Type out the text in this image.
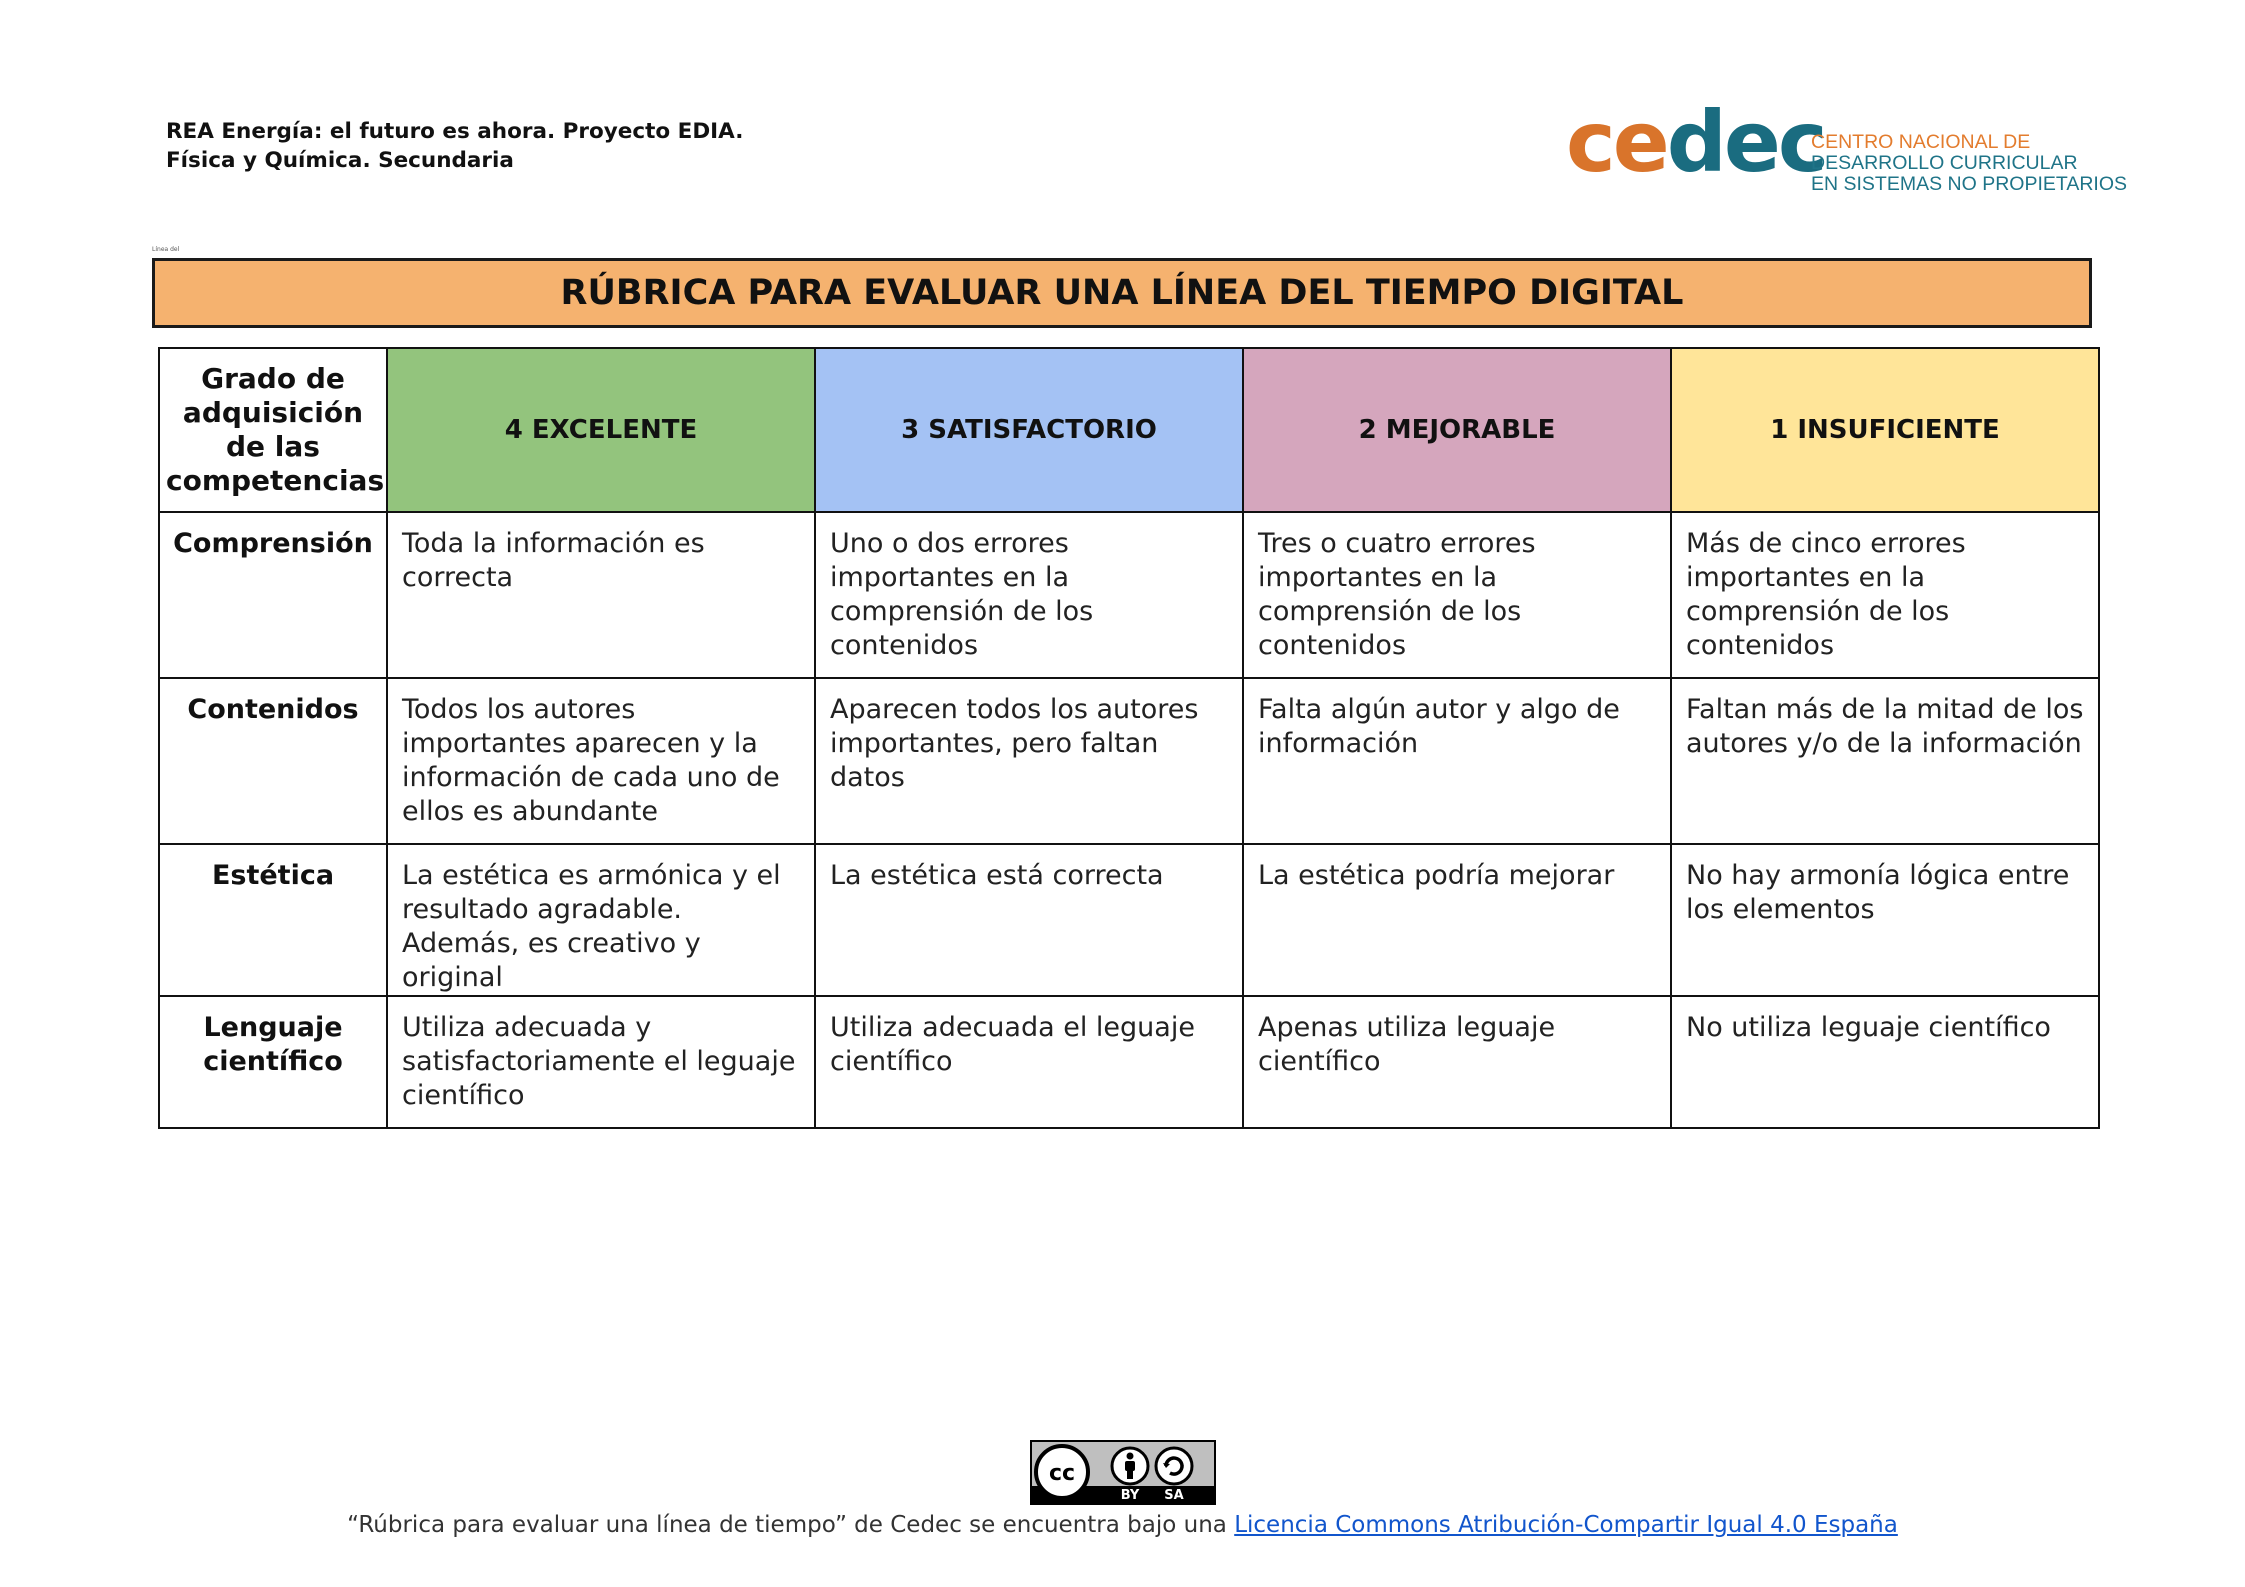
REA Energía: el futuro es ahora. Proyecto EDIA.
Física y Química. Secundaria	cedec
CENTRO NACIONAL DE
DESARROLLO CURRICULAR
EN SISTEMAS NO PROPIETARIOS
Línea del
RÚBRICA PARA EVALUAR UNA LÍNEA DEL TIEMPO DIGITAL
Grado de adquisición de las competencias	4 EXCELENTE	3 SATISFACTORIO	2 MEJORABLE	1 INSUFICIENTE
Comprensión	Toda la información es correcta	Uno o dos errores importantes en la comprensión de los contenidos	Tres o cuatro errores importantes en la comprensión de los contenidos	Más de cinco errores importantes en la comprensión de los contenidos
Contenidos	Todos los autores importantes aparecen y la información de cada uno de ellos es abundante	Aparecen todos los autores importantes, pero faltan datos	Falta algún autor y algo de información	Faltan más de la mitad de los autores y/o de la información
Estética	La estética es armónica y el resultado agradable. Además, es creativo y original	La estética está correcta	La estética podría mejorar	No hay armonía lógica entre los elementos
Lenguaje científico	Utiliza adecuada y satisfactoriamente el leguaje científico	Utiliza adecuada el leguaje científico	Apenas utiliza leguaje científico	No utiliza leguaje científico
cc
BY SA
“Rúbrica para evaluar una línea de tiempo” de Cedec se encuentra bajo una Licencia Commons Atribución-Compartir Igual 4.0 España
